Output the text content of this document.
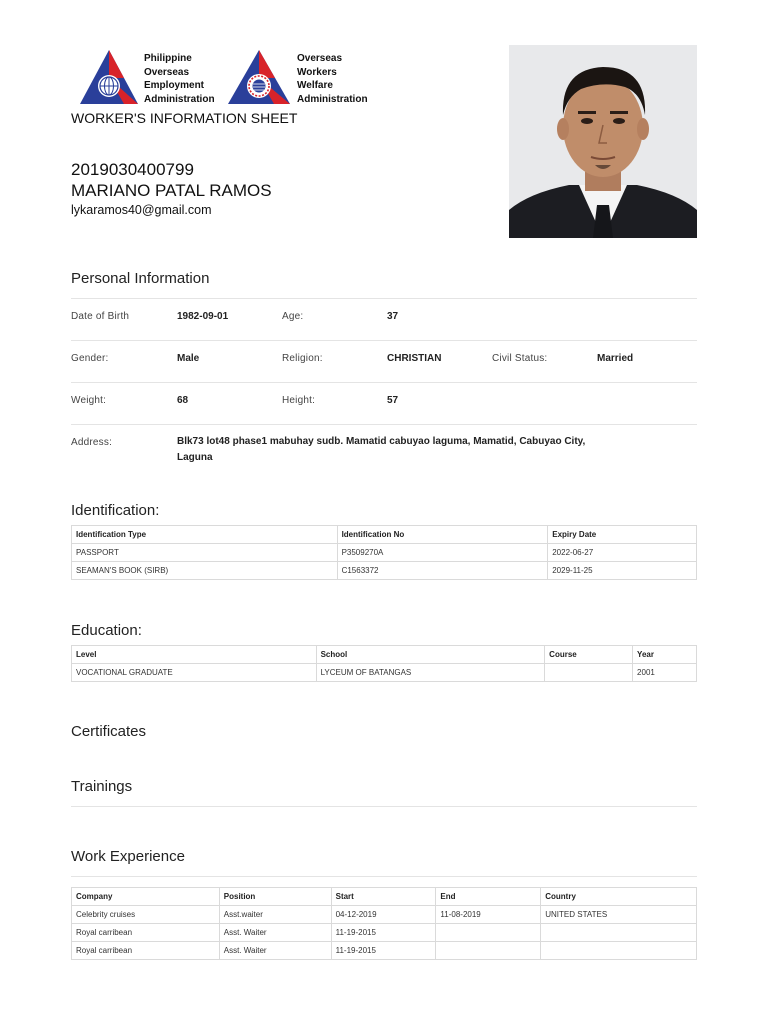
Philippine
Overseas
Employment
Administration
Overseas
Workers
Welfare
Administration
WORKER'S INFORMATION SHEET
2019030400799
MARIANO PATAL RAMOS
lykaramos40@gmail.com
Personal Information
Date of Birth	1982-09-01	Age:	37
Gender:	Male	Religion:	CHRISTIAN	Civil Status:	Married
Weight:	68	Height:	57
Address:	Blk73 lot48 phase1 mabuhay sudb. Mamatid cabuyao laguma, Mamatid, Cabuyao City, Laguna
Identification:
Identification Type	Identification No	Expiry Date
PASSPORT	P3509270A	2022-06-27
SEAMAN'S BOOK (SIRB)	C1563372	2029-11-25
Education:
Level	School	Course	Year
VOCATIONAL GRADUATE	LYCEUM OF BATANGAS		2001
Certificates
Trainings
Work Experience
Company	Position	Start	End	Country
Celebrity cruises	Asst.waiter	04-12-2019	11-08-2019	UNITED STATES
Royal carribean	Asst. Waiter	11-19-2015		
Royal carribean	Asst. Waiter	11-19-2015		
